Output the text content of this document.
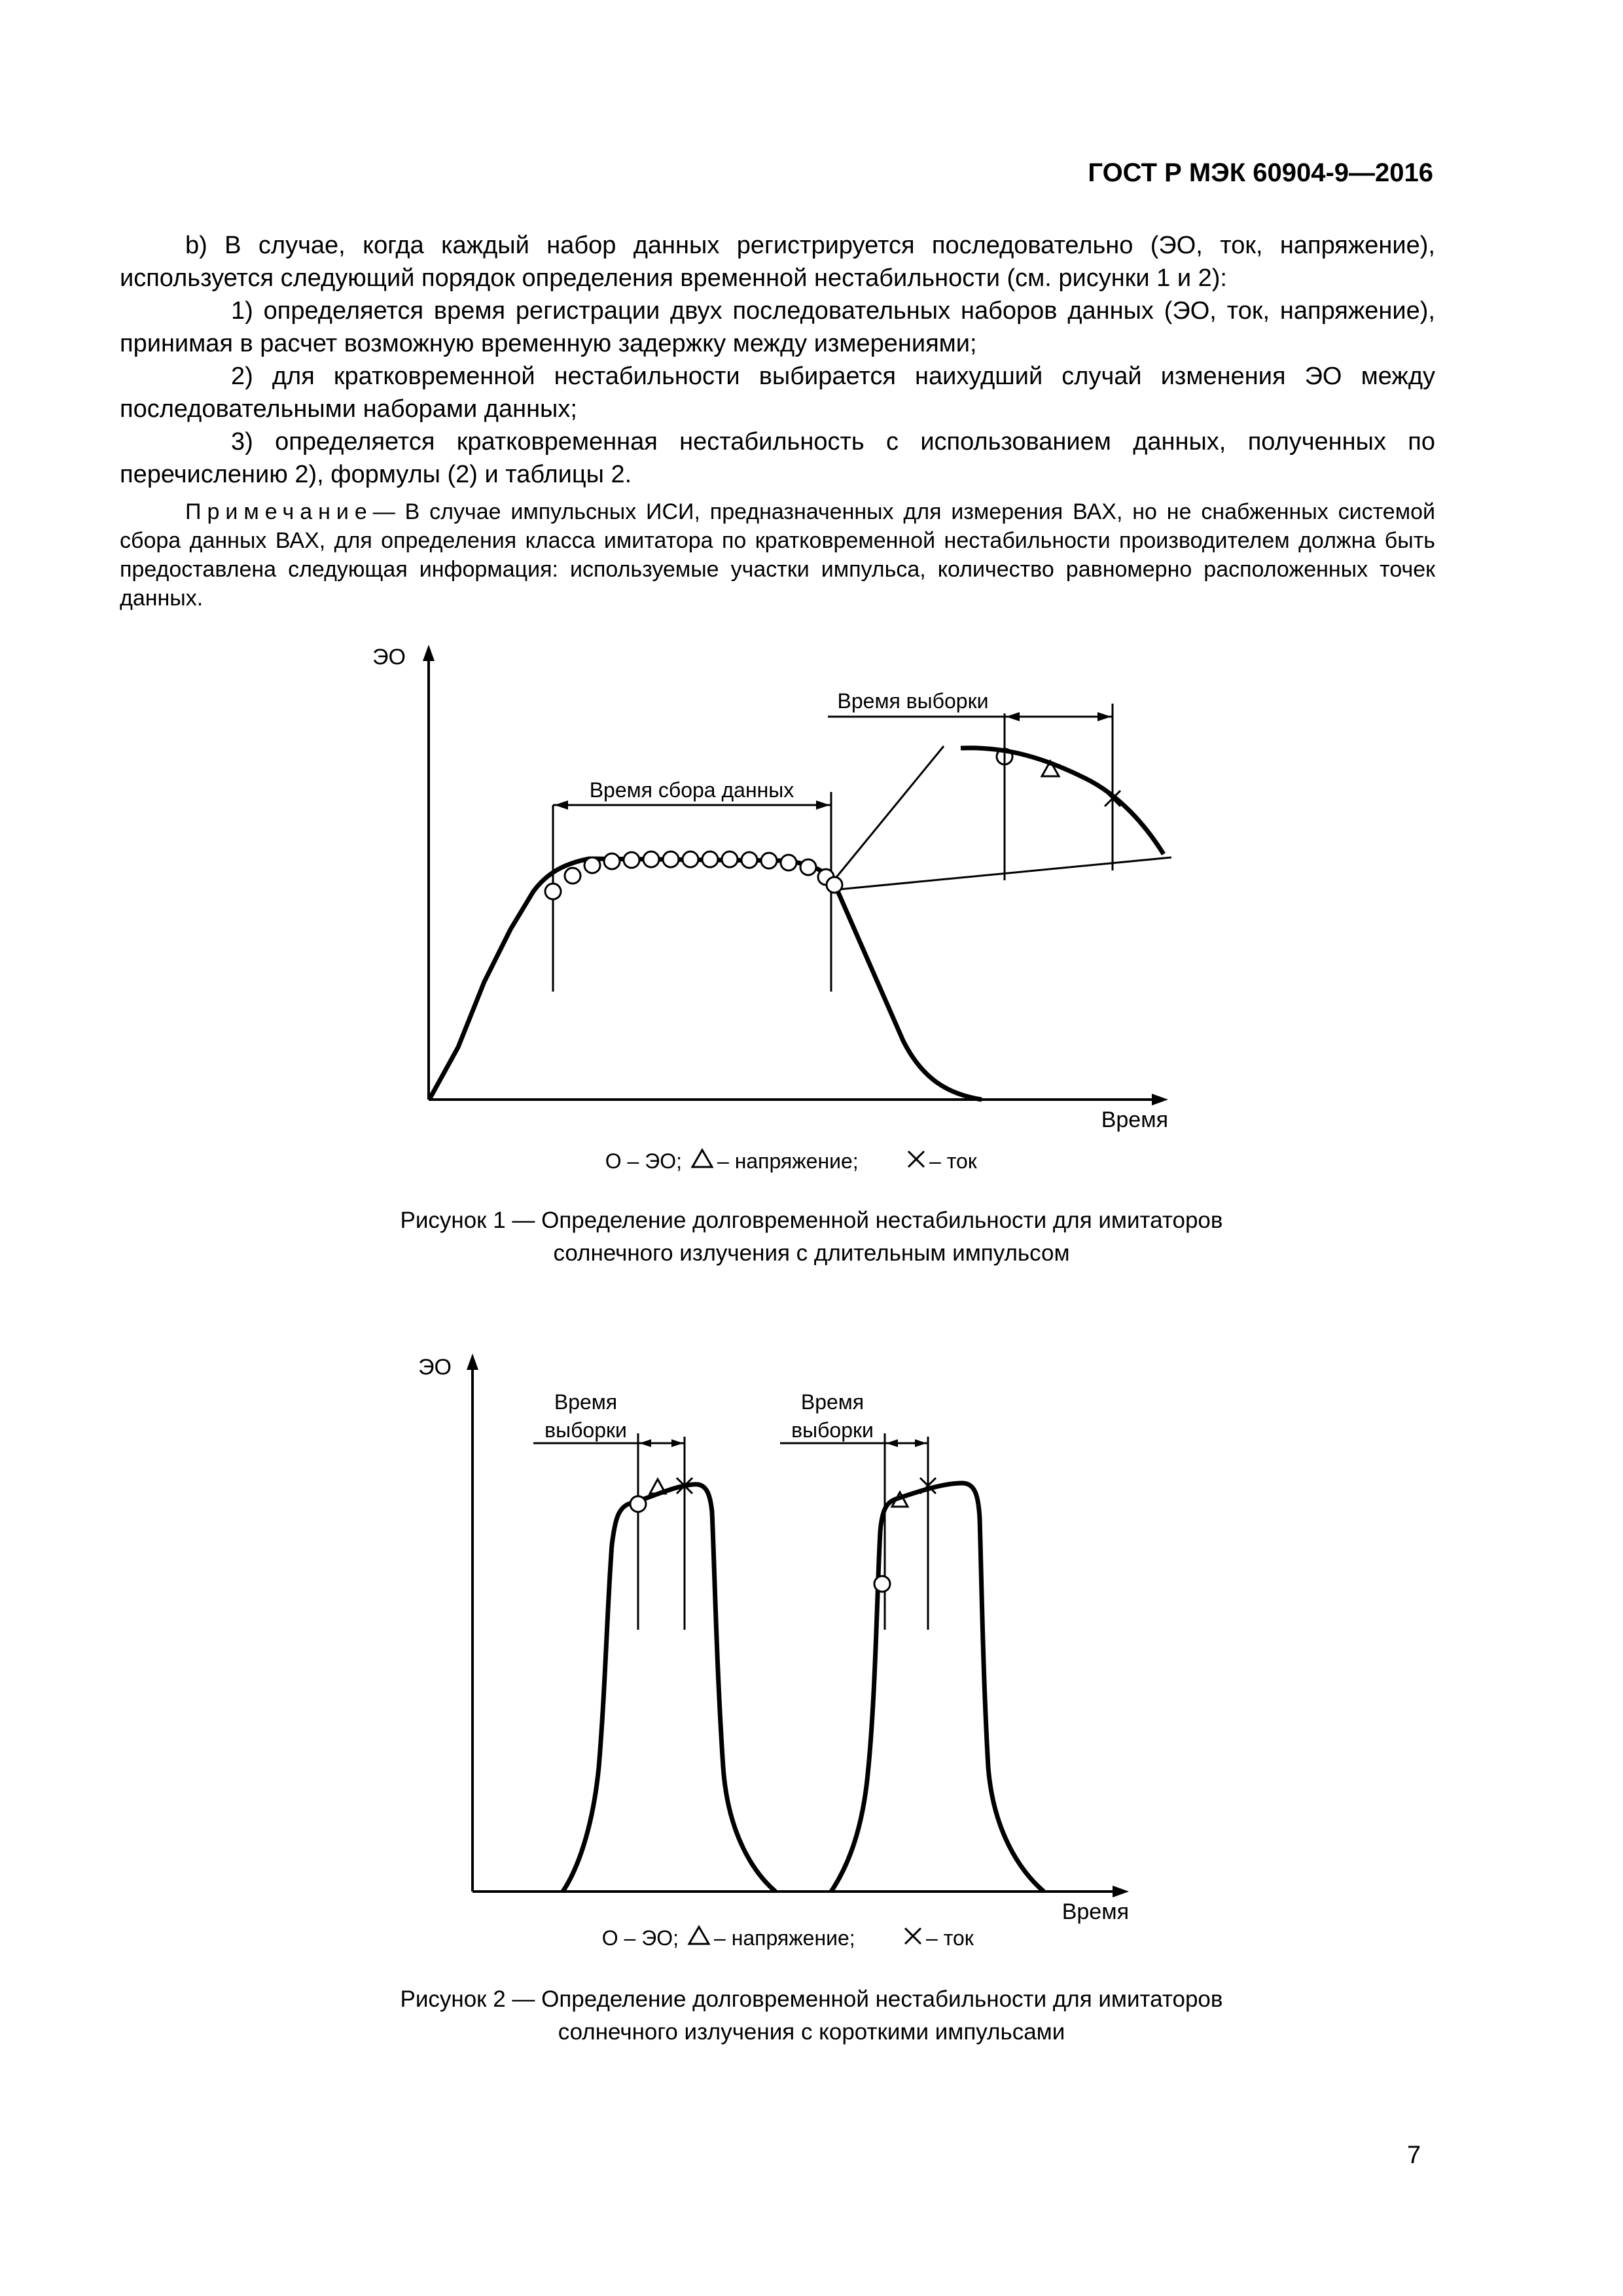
ГОСТ Р МЭК 60904-9—2016

b) В случае, когда каждый набор данных регистрируется последовательно (ЭО, ток, напряжение), используется следующий порядок определения временной нестабильности (см. рисунки 1 и 2):

1) определяется время регистрации двух последовательных наборов данных (ЭО, ток, напряжение), принимая в расчет возможную временную задержку между измерениями;

2) для кратковременной нестабильности выбирается наихудший случай изменения ЭО между последовательными наборами данных;

3) определяется кратковременная нестабильность с использованием данных, полученных по перечислению 2), формулы (2) и таблицы 2.

Примечание— В случае импульсных ИСИ, предназначенных для измерения ВАХ, но не снабженных системой сбора данных ВАХ, для определения класса имитатора по кратковременной нестабильности производителем должна быть предоставлена следующая информация: используемые участки импульса, количество равномерно расположенных точек данных.
ЭО
Время
Время сбора данных
Время выборки
О – ЭО; – напряжение;	– ток
ЭО
Время
Время
выборки
Время
выборки
О – ЭО; – напряжение;	– ток
Рисунок 1 — Определение долговременной нестабильности для имитаторов
солнечного излучения с длительным импульсом
Рисунок 2 — Определение долговременной нестабильности для имитаторов
солнечного излучения с короткими импульсами
7
